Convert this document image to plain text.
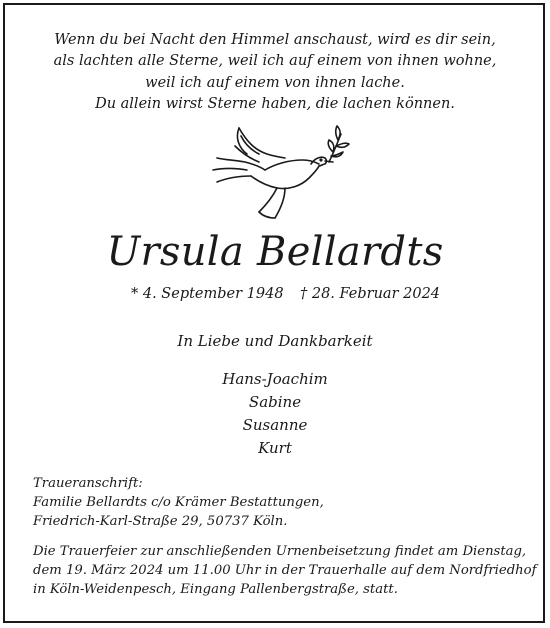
Wenn du bei Nacht den Himmel anschaust, wird es dir sein,
als lachten alle Sterne, weil ich auf einem von ihnen wohne,
weil ich auf einem von ihnen lache.
Du allein wirst Sterne haben, die lachen können.
Ursula Bellardts
* 4. September 1948 † 28. Februar 2024
In Liebe und Dankbarkeit
Hans-Joachim
Sabine
Susanne
Kurt
Traueranschrift:
Familie Bellardts c/o Krämer Bestattungen,
Friedrich-Karl-Straße 29, 50737 Köln.
Die Trauerfeier zur anschließenden Urnenbeisetzung findet am Dienstag,
dem 19. März 2024 um 11.00 Uhr in der Trauerhalle auf dem Nordfriedhof
in Köln-Weidenpesch, Eingang Pallenbergstraße, statt.
